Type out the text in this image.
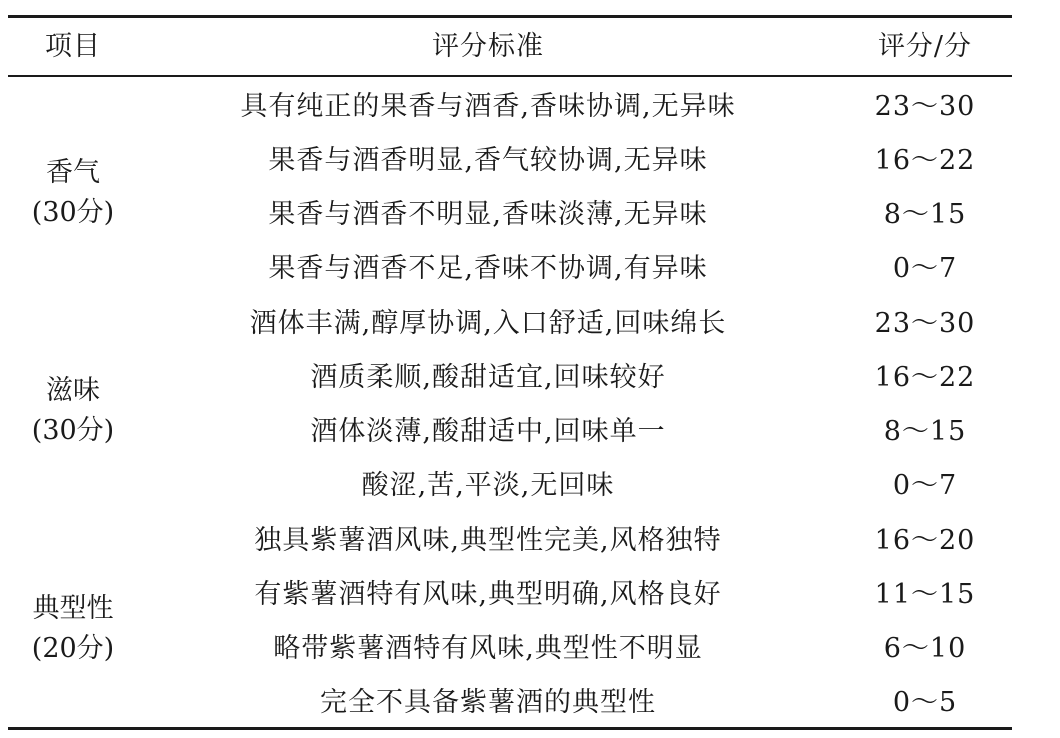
项目	评分标准	评分/分
香气
(30分)
具有纯正的果香与酒香,香味协调,无异味	23～30
果香与酒香明显,香气较协调,无异味	16～22
果香与酒香不明显,香味淡薄,无异味	8～15
果香与酒香不足,香味不协调,有异味	0～7
滋味
(30分)
酒体丰满,醇厚协调,入口舒适,回味绵长	23～30
酒质柔顺,酸甜适宜,回味较好	16～22
酒体淡薄,酸甜适中,回味单一	8～15
酸涩,苦,平淡,无回味	0～7
典型性
(20分)
独具紫薯酒风味,典型性完美,风格独特	16～20
有紫薯酒特有风味,典型明确,风格良好	11～15
略带紫薯酒特有风味,典型性不明显	6～10
完全不具备紫薯酒的典型性	0～5
